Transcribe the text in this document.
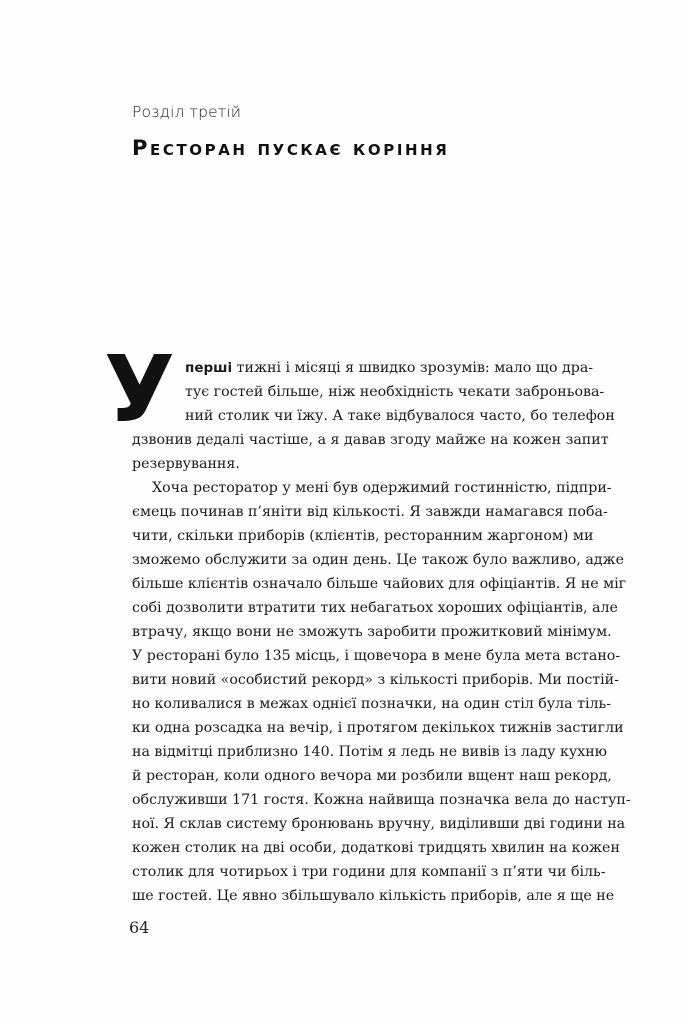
Розділ третій
Ресторан пускає коріння
У перші тижні і місяці я швидко зрозумів: мало що дра-
тує гостей більше, ніж необхідність чекати заброньова-
ний столик чи їжу. А таке відбувалося часто, бо телефон
дзвонив дедалі частіше, а я давав згоду майже на кожен запит
резервування.
Хоча ресторатор у мені був одержимий гостинністю, підпри-
ємець починав п’яніти від кількості. Я завжди намагався поба-
чити, скільки приборів (клієнтів, ресторанним жаргоном) ми
зможемо обслужити за один день. Це також було важливо, адже
більше клієнтів означало більше чайових для офіціантів. Я не міг
собі дозволити втратити тих небагатьох хороших офіціантів, але
втрачу, якщо вони не зможуть заробити прожитковий мінімум.
У ресторані було 135 місць, і щовечора в мене була мета встано-
вити новий «особистий рекорд» з кількості приборів. Ми постій-
но коливалися в межах однієї позначки, на один стіл була тіль-
ки одна розсадка на вечір, і протягом декількох тижнів застигли
на відмітці приблизно 140. Потім я ледь не вивів із ладу кухню
й ресторан, коли одного вечора ми розбили вщент наш рекорд,
обслуживши 171 гостя. Кожна найвища позначка вела до наступ-
ної. Я склав систему бронювань вручну, виділивши дві години на
кожен столик на дві особи, додаткові тридцять хвилин на кожен
столик для чотирьох і три години для компанії з п’яти чи біль-
ше гостей. Це явно збільшувало кількість приборів, але я ще не
64
